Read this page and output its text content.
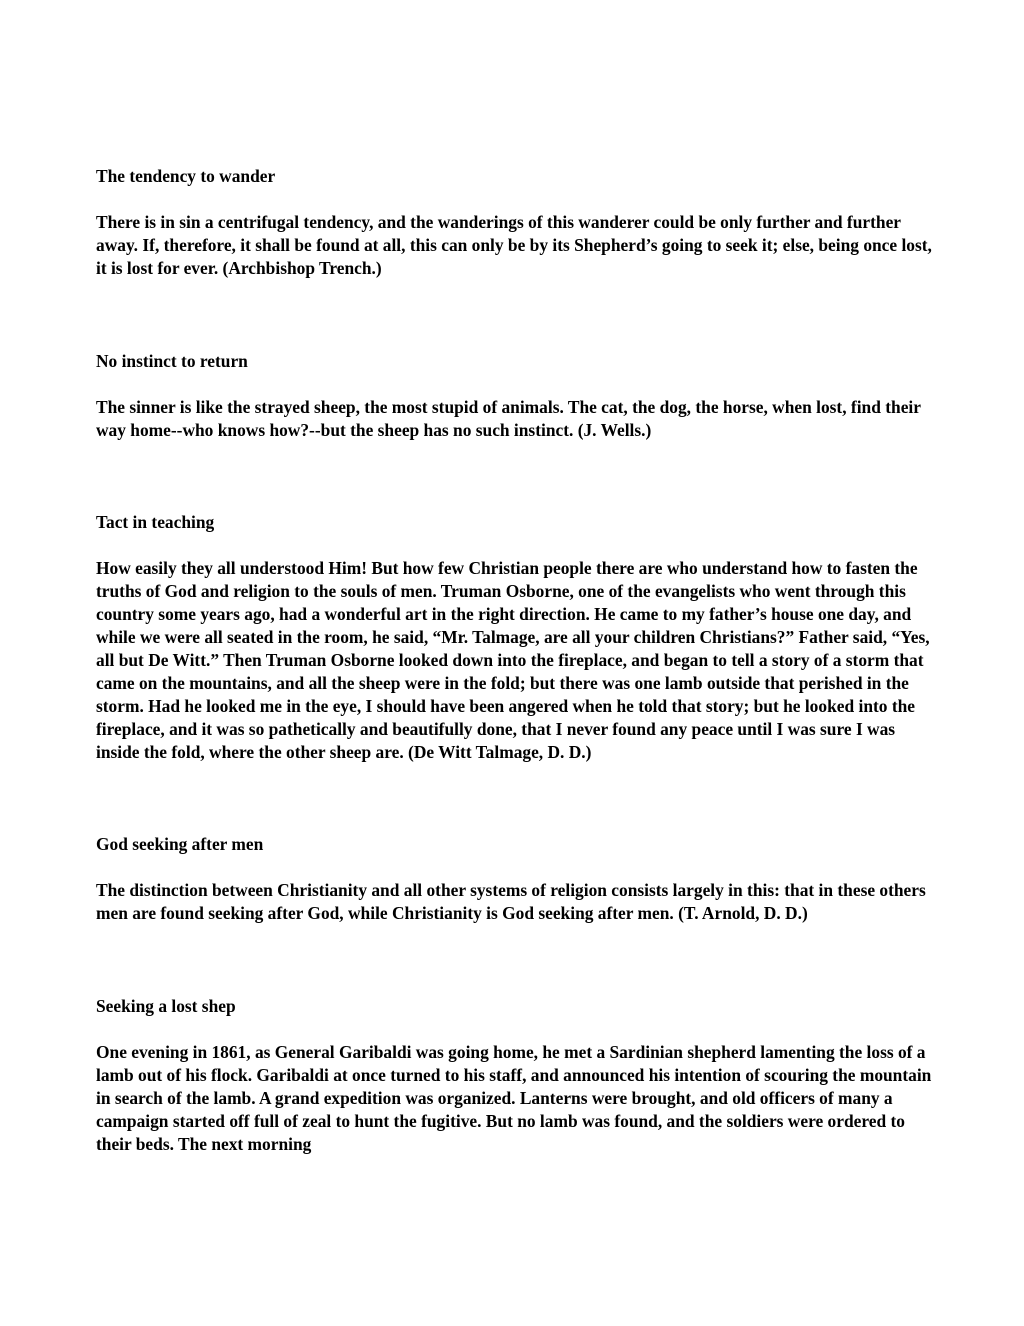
The tendency to wander

There is in sin a centrifugal tendency, and the wanderings of this wanderer could be only further and further away. If, therefore, it shall be found at all, this can only be by its Shepherd’s going to seek it; else, being once lost, it is lost for ever. (Archbishop Trench.)

No instinct to return

The sinner is like the strayed sheep, the most stupid of animals. The cat, the dog, the horse, when lost, find their way home--who knows how?--but the sheep has no such instinct. (J. Wells.)

Tact in teaching

How easily they all understood Him! But how few Christian people there are who understand how to fasten the truths of God and religion to the souls of men. Truman Osborne, one of the evangelists who went through this country some years ago, had a wonderful art in the right direction. He came to my father’s house one day, and while we were all seated in the room, he said, “Mr. Talmage, are all your children Christians?” Father said, “Yes, all but De Witt.” Then Truman Osborne looked down into the fireplace, and began to tell a story of a storm that came on the mountains, and all the sheep were in the fold; but there was one lamb outside that perished in the storm. Had he looked me in the eye, I should have been angered when he told that story; but he looked into the fireplace, and it was so pathetically and beautifully done, that I never found any peace until I was sure I was inside the fold, where the other sheep are. (De Witt Talmage, D. D.)

God seeking after men

The distinction between Christianity and all other systems of religion consists largely in this: that in these others men are found seeking after God, while Christianity is God seeking after men. (T. Arnold, D. D.)

Seeking a lost shep

One evening in 1861, as General Garibaldi was going home, he met a Sardinian shepherd lamenting the loss of a lamb out of his flock. Garibaldi at once turned to his staff, and announced his intention of scouring the mountain in search of the lamb. A grand expedition was organized. Lanterns were brought, and old officers of many a campaign started off full of zeal to hunt the fugitive. But no lamb was found, and the soldiers were ordered to their beds. The next morning
